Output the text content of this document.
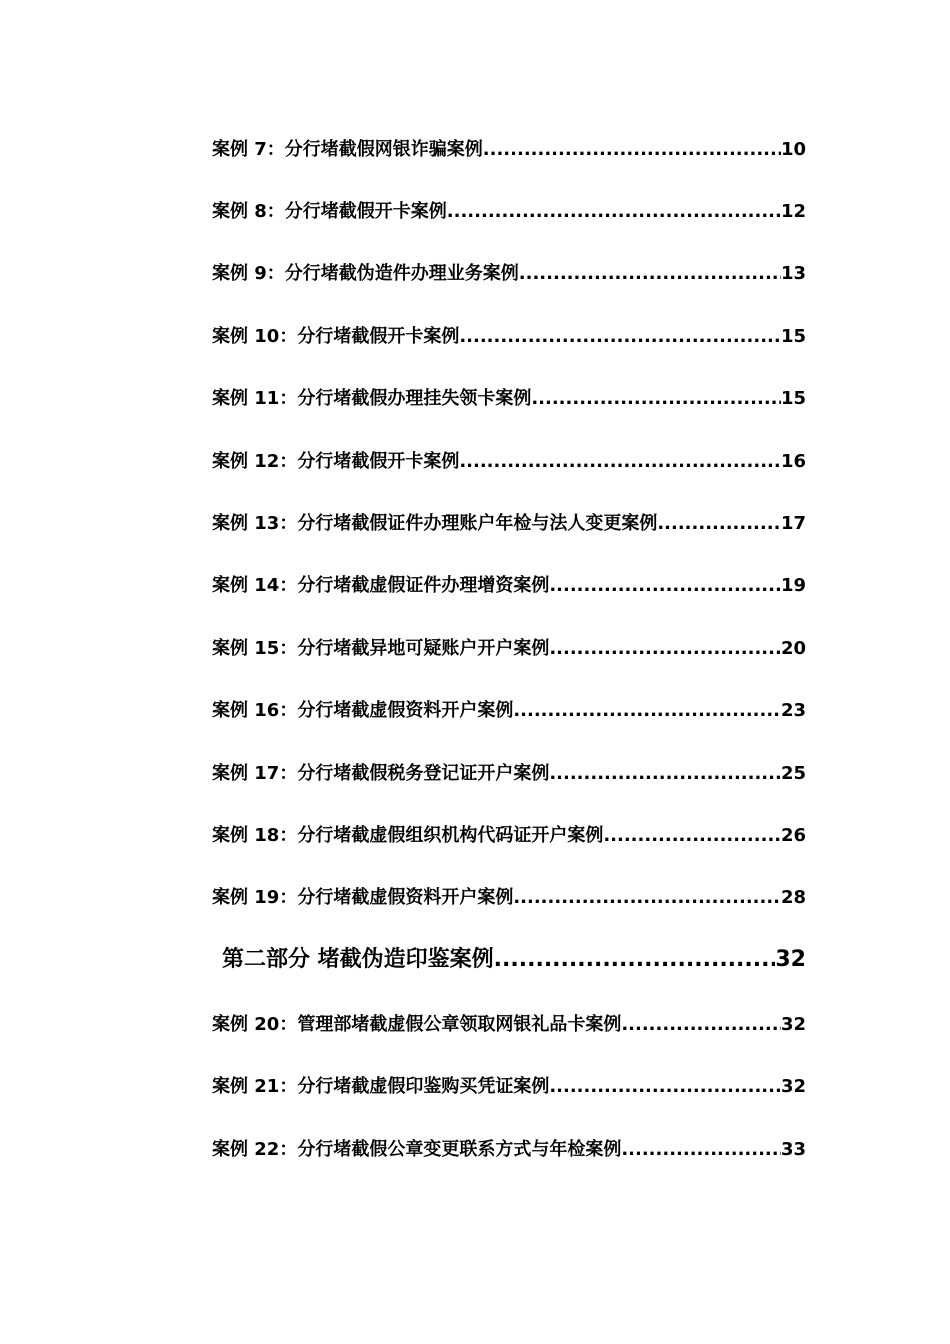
案例 7：分行堵截假网银诈骗案例 .....	10
案例 8：分行堵截假开卡案例 .....	12
案例 9：分行堵截伪造件办理业务案例 .....	13
案例 10：分行堵截假开卡案例 .....	15
案例 11：分行堵截假办理挂失领卡案例 .....	15
案例 12：分行堵截假开卡案例 .....	16
案例 13：分行堵截假证件办理账户年检与法人变更案例 .....	17
案例 14：分行堵截虚假证件办理增资案例 .....	19
案例 15：分行堵截异地可疑账户开户案例 .....	20
案例 16：分行堵截虚假资料开户案例 .....	23
案例 17：分行堵截假税务登记证开户案例 .....	25
案例 18：分行堵截虚假组织机构代码证开户案例 .....	26
案例 19：分行堵截虚假资料开户案例 .....	28
第二部分 堵截伪造印鉴案例 .....	32
案例 20：管理部堵截虚假公章领取网银礼品卡案例 .....	32
案例 21：分行堵截虚假印鉴购买凭证案例 .....	32
案例 22：分行堵截假公章变更联系方式与年检案例 .....	33
